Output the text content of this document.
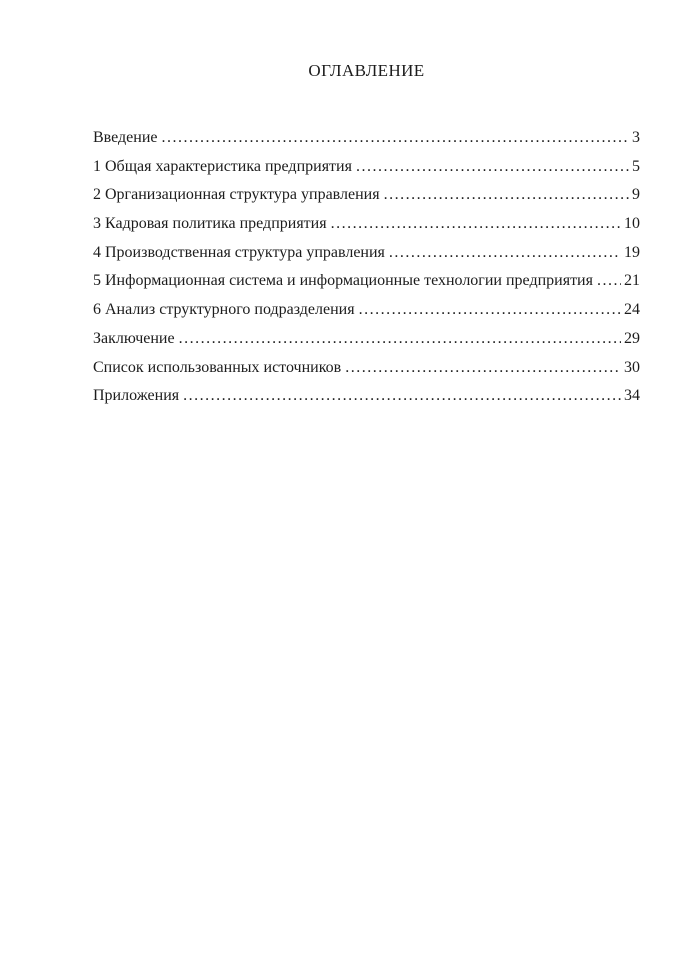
ОГЛАВЛЕНИЕ
Введение .....	3
1 Общая характеристика предприятия .....	5
2 Организационная структура управления .....	9
3 Кадровая политика предприятия .....	10
4 Производственная структура управления .....	19
5 Информационная система и информационные технологии предприятия ..... 21
6 Анализ структурного подразделения .....	24
Заключение .....	29
Список использованных источников .....	30
Приложения .....	34
